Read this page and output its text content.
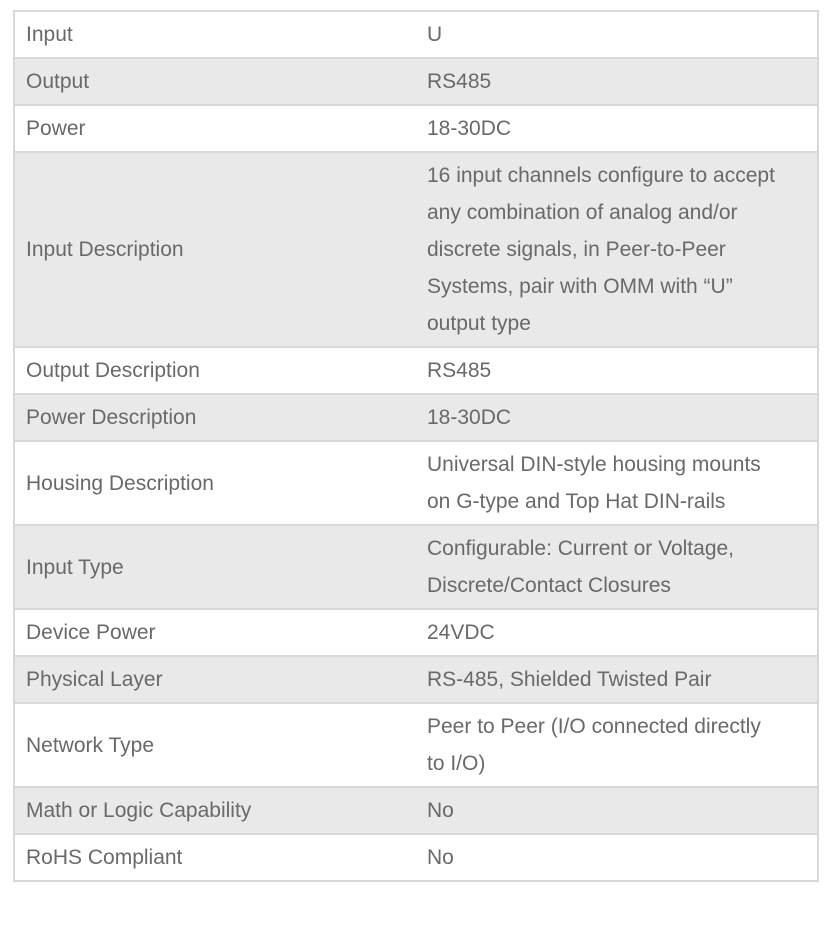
Input	U
Output	RS485
Power	18-30DC
Input Description	16 input channels configure to accept any combination of analog and/or discrete signals, in Peer-to-Peer Systems, pair with OMM with “U” output type
Output Description	RS485
Power Description	18-30DC
Housing Description	Universal DIN-style housing mounts on G-type and Top Hat DIN-rails
Input Type	Configurable: Current or Voltage, Discrete/Contact Closures
Device Power	24VDC
Physical Layer	RS-485, Shielded Twisted Pair
Network Type	Peer to Peer (I/O connected directly to I/O)
Math or Logic Capability	No
RoHS Compliant	No
